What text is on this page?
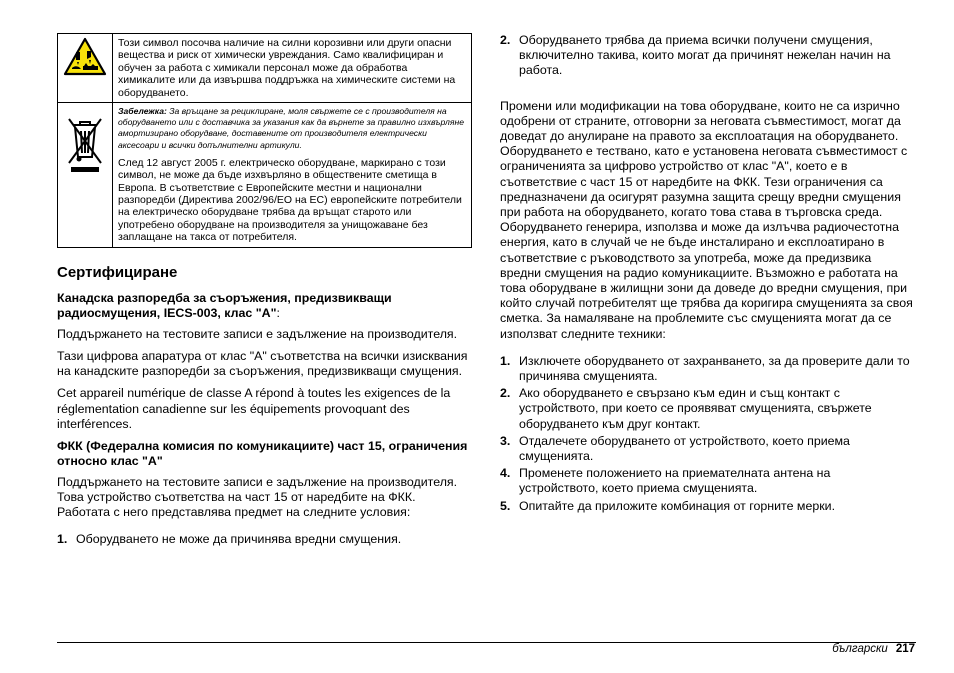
	Този символ посочва наличие на силни корозивни или други опасни вещества и риск от химически увреждания. Само квалифициран и обучен за работа с химикали персонал може да обработва химикалите или да извършва поддръжка на химическите системи на оборудването.

Забележка: За връщане за рециклиране, моля свържете се с производителя на оборудването или с доставчика за указания как да върнете за правилно изхвърляне амортизирано оборудване, доставените от производителя електрически аксесоари и всички допълнителни артикули.
След 12 август 2005 г. електрическо оборудване, маркирано с този символ, не може да бъде изхвърляно в обществените сметища в Европа. В съответствие с Европейските местни и национални разпоредби (Директива 2002/96/EO на ЕС) европейските потребители на електрическо оборудване трябва да връщат старото или употребено оборудване на производителя за унищожаване без заплащане на такса от потребителя.
Сертифициране
Канадска разпоредба за съоръжения, предизвикващи радиосмущения, IECS-003, клас "A":

Поддържането на тестовите записи е задължение на производителя.

Тази цифрова апаратура от клас "A" съответства на всички изисквания на канадските разпоредби за съоръжения, предизвикващи смущения.

Cet appareil numérique de classe A répond à toutes les exigences de la réglementation canadienne sur les équipements provoquant des interférences.

ФКК (Федерална комисия по комуникациите) част 15, ограничения относно клас "A"

Поддържането на тестовите записи е задължение на производителя. Това устройство съответства на част 15 от наредбите на ФКК. Работата с него представлява предмет на следните условия:

1. Оборудването не може да причинява вредни смущения.
2. Оборудването трябва да приема всички получени смущения, включително такива, които могат да причинят нежелан начин на работа.

Промени или модификации на това оборудване, които не са изрично одобрени от страните, отговорни за неговата съвместимост, могат да доведат до анулиране на правото за експлоатация на оборудването. Оборудването е тествано, като е установена неговата съвместимост с ограниченията за цифрово устройство от клас "A", което е в съответствие с част 15 от наредбите на ФКК. Тези ограничения са предназначени да осигурят разумна защита срещу вредни смущения при работа на оборудването, когато това става в търговска среда. Оборудването генерира, използва и може да излъчва радиочестотна енергия, като в случай че не бъде инсталирано и експлоатирано в съответствие с ръководството за употреба, може да предизвика вредни смущения на радио комуникациите. Възможно е работата на това оборудване в жилищни зони да доведе до вредни смущения, при който случай потребителят ще трябва да коригира смущенията за своя сметка. За намаляване на проблемите със смущенията могат да се използват следните техники:

1. Изключете оборудването от захранването, за да проверите дали то причинява смущенията.
2. Ако оборудването е свързано към един и същ контакт с устройството, при което се проявяват смущенията, свържете оборудването към друг контакт.
3. Отдалечете оборудването от устройството, което приема смущенията.
4. Променете положението на приемателната антена на устройството, което приема смущенията.
5. Опитайте да приложите комбинация от горните мерки.
български 217
